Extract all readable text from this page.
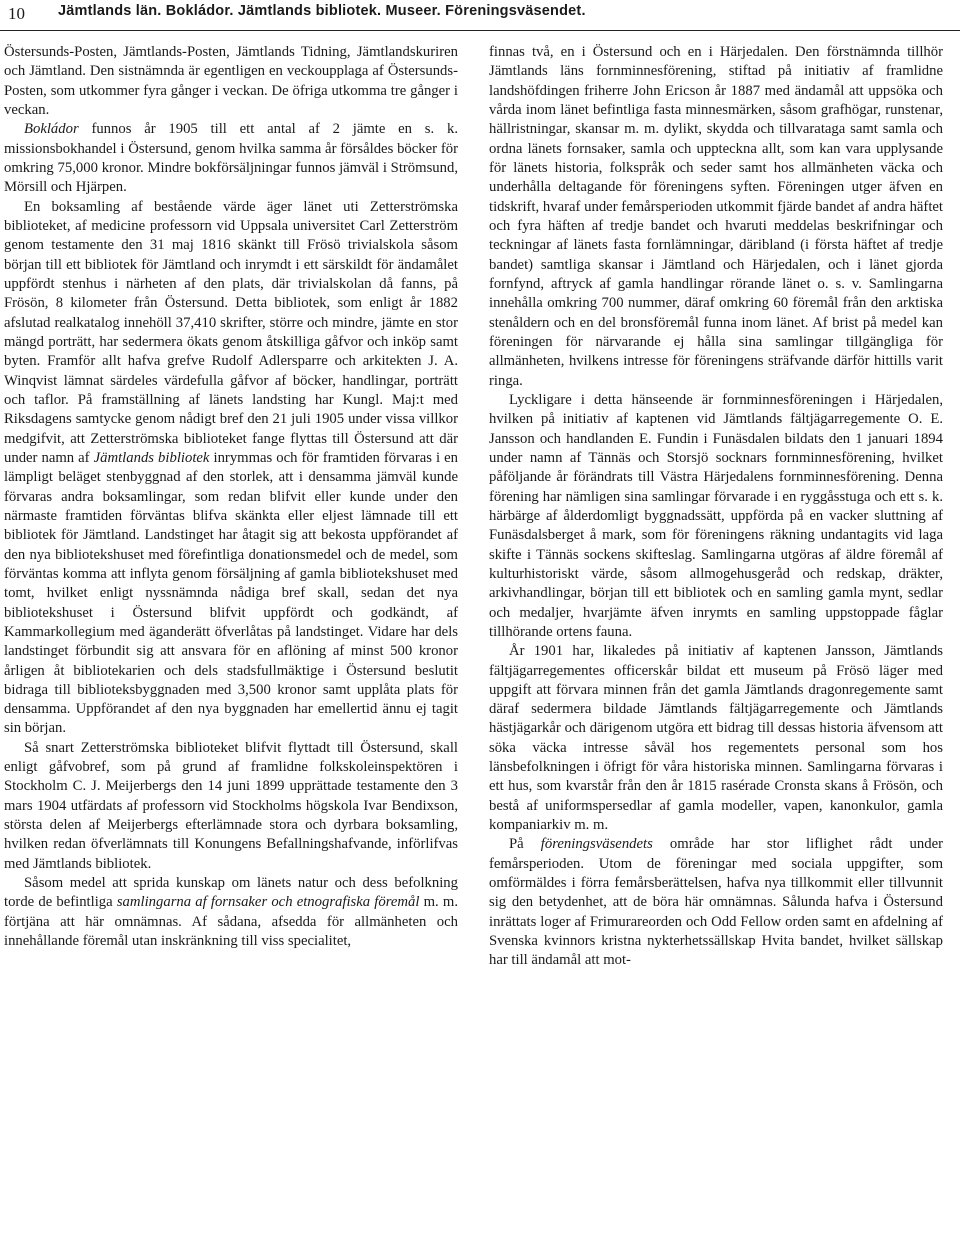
10 Jämtlands län. Bokládor. Jämtlands bibliotek. Museer. Föreningsväsendet.

Östersunds-Posten, Jämtlands-Posten, Jämtlands Tidning, Jämtlandskuriren och Jämtland. Den sistnämnda är egentligen en veckoupplaga af Östersunds-Posten, som utkommer fyra gånger i veckan. De öfriga utkomma tre gånger i veckan.

Bokládor funnos år 1905 till ett antal af 2 jämte en s. k. missionsbokhandel i Östersund, genom hvilka samma år försåldes böcker för omkring 75,000 kronor. Mindre bokförsäljningar funnos jämväl i Strömsund, Mörsill och Hjärpen.

En boksamling af bestående värde äger länet uti Zetterströmska biblioteket, af medicine professorn vid Uppsala universitet Carl Zetterström genom testamente den 31 maj 1816 skänkt till Frösö trivialskola såsom början till ett bibliotek för Jämtland och inrymdt i ett särskildt för ändamålet uppfördt stenhus i närheten af den plats, där trivialskolan då fanns, på Frösön, 8 kilometer från Östersund. Detta bibliotek, som enligt år 1882 afslutad realkatalog innehöll 37,410 skrifter, större och mindre, jämte en stor mängd porträtt, har sedermera ökats genom åtskilliga gåfvor och inköp samt byten. Framför allt hafva grefve Rudolf Adlersparre och arkitekten J. A. Winqvist lämnat särdeles värdefulla gåfvor af böcker, handlingar, porträtt och taflor. På framställning af länets landsting har Kungl. Maj:t med Riksdagens samtycke genom nådigt bref den 21 juli 1905 under vissa villkor medgifvit, att Zetterströmska biblioteket fange flyttas till Östersund att där under namn af Jämtlands bibliotek inrymmas och för framtiden förvaras i en lämpligt beläget stenbyggnad af den storlek, att i densamma jämväl kunde förvaras andra boksamlingar, som redan blifvit eller kunde under den närmaste framtiden förväntas blifva skänkta eller eljest lämnade till ett bibliotek för Jämtland. Landstinget har åtagit sig att bekosta uppförandet af den nya bibliotekshuset med förefintliga donationsmedel och de medel, som förväntas komma att inflyta genom försäljning af gamla bibliotekshuset med tomt, hvilket enligt nyssnämnda nådiga bref skall, sedan det nya bibliotekshuset i Östersund blifvit uppfördt och godkändt, af Kammarkollegium med äganderätt öfverlåtas på landstinget. Vidare har dels landstinget förbundit sig att ansvara för en aflöning af minst 500 kronor årligen åt bibliotekarien och dels stadsfullmäktige i Östersund beslutit bidraga till biblioteksbyggnaden med 3,500 kronor samt upplåta plats för densamma. Uppförandet af den nya byggnaden har emellertid ännu ej tagit sin början.

Så snart Zetterströmska biblioteket blifvit flyttadt till Östersund, skall enligt gåfvobref, som på grund af framlidne folkskoleinspektören i Stockholm C. J. Meijerbergs den 14 juni 1899 upprättade testamente den 3 mars 1904 utfärdats af professorn vid Stockholms högskola Ivar Bendixson, största delen af Meijerbergs efterlämnade stora och dyrbara boksamling, hvilken redan öfverlämnats till Konungens Befallningshafvande, införlifvas med Jämtlands bibliotek.

Såsom medel att sprida kunskap om länets natur och dess befolkning torde de befintliga samlingarna af fornsaker och etnografiska föremål m. m. förtjäna att här omnämnas. Af sådana, afsedda för allmänheten och innehållande föremål utan inskränkning till viss specialitet,

finnas två, en i Östersund och en i Härjedalen. Den förstnämnda tillhör Jämtlands läns fornminnesförening, stiftad på initiativ af framlidne landshöfdingen friherre John Ericson år 1887 med ändamål att uppsöka och vårda inom länet befintliga fasta minnesmärken, såsom grafhögar, runstenar, hällristningar, skansar m. m. dylikt, skydda och tillvarataga samt samla och ordna länets fornsaker, samla och uppteckna allt, som kan vara upplysande för länets historia, folkspråk och seder samt hos allmänheten väcka och underhålla deltagande för föreningens syften. Föreningen utger äfven en tidskrift, hvaraf under femårsperioden utkommit fjärde bandet af andra häftet och fyra häften af tredje bandet och hvaruti meddelas beskrifningar och teckningar af länets fasta fornlämningar, däribland (i första häftet af tredje bandet) samtliga skansar i Jämtland och Härjedalen, och i länet gjorda fornfynd, aftryck af gamla handlingar rörande länet o. s. v. Samlingarna innehålla omkring 700 nummer, däraf omkring 60 föremål från den arktiska stenåldern och en del bronsföremål funna inom länet. Af brist på medel kan föreningen för närvarande ej hålla sina samlingar tillgängliga för allmänheten, hvilkens intresse för föreningens sträfvande därför hittills varit ringa.

Lyckligare i detta hänseende är fornminnesföreningen i Härjedalen, hvilken på initiativ af kaptenen vid Jämtlands fältjägarregemente O. E. Jansson och handlanden E. Fundin i Funäsdalen bildats den 1 januari 1894 under namn af Tännäs och Storsjö socknars fornminnesförening, hvilket påföljande år förändrats till Västra Härjedalens fornminnesförening. Denna förening har nämligen sina samlingar förvarade i en ryggåsstuga och ett s. k. härbärge af ålderdomligt byggnadssätt, uppförda på en vacker sluttning af Funäsdalsberget å mark, som för föreningens räkning undantagits vid laga skifte i Tännäs sockens skifteslag. Samlingarna utgöras af äldre föremål af kulturhistoriskt värde, såsom allmogehusgeråd och redskap, dräkter, arkivhandlingar, början till ett bibliotek och en samling gamla mynt, sedlar och medaljer, hvarjämte äfven inrymts en samling uppstoppade fåglar tillhörande ortens fauna.

År 1901 har, likaledes på initiativ af kaptenen Jansson, Jämtlands fältjägarregementes officerskår bildat ett museum på Frösö läger med uppgift att förvara minnen från det gamla Jämtlands dragonregemente samt däraf sedermera bildade Jämtlands fältjägarregemente och Jämtlands hästjägarkår och därigenom utgöra ett bidrag till dessas historia äfvensom att söka väcka intresse såväl hos regementets personal som hos länsbefolkningen i öfrigt för våra historiska minnen. Samlingarna förvaras i ett hus, som kvarstår från den år 1815 rasérade Cronsta skans å Frösön, och bestå af uniformspersedlar af gamla modeller, vapen, kanonkulor, gamla kompaniarkiv m. m.

På föreningsväsendets område har stor liflighet rådt under femårsperioden. Utom de föreningar med sociala uppgifter, som omförmäldes i förra femårsberättelsen, hafva nya tillkommit eller tillvunnit sig den betydenhet, att de böra här omnämnas. Sålunda hafva i Östersund inrättats loger af Frimurareorden och Odd Fellow orden samt en afdelning af Svenska kvinnors kristna nykterhetssällskap Hvita bandet, hvilket sällskap har till ändamål att mot-
